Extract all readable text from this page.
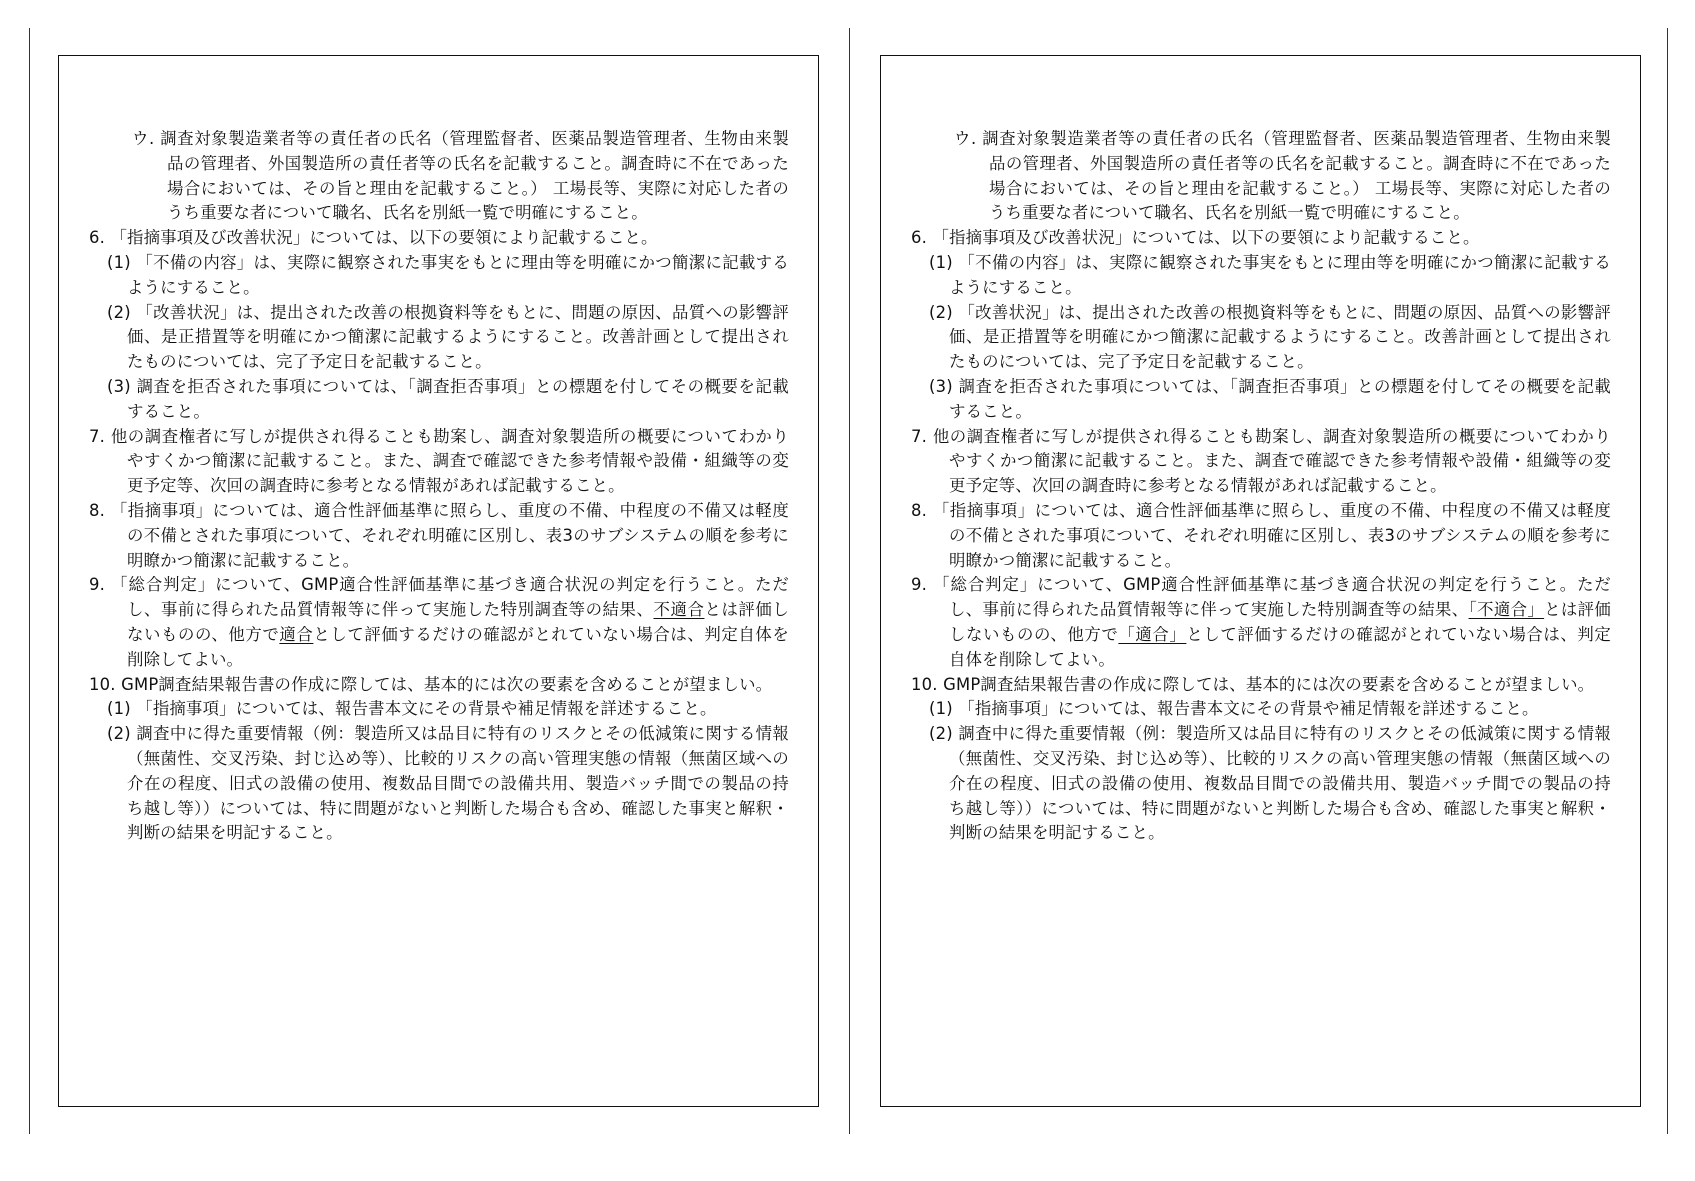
ウ. 調査対象製造業者等の責任者の氏名（管理監督者、医薬品製造管理者、生物由来製品の管理者、外国製造所の責任者等の氏名を記載すること。調査時に不在であった場合においては、その旨と理由を記載すること。） 工場長等、実際に対応した者のうち重要な者について職名、氏名を別紙一覧で明確にすること。
6. 「指摘事項及び改善状況」については、以下の要領により記載すること。
(1) 「不備の内容」は、実際に観察された事実をもとに理由等を明確にかつ簡潔に記載するようにすること。
(2) 「改善状況」は、提出された改善の根拠資料等をもとに、問題の原因、品質への影響評価、是正措置等を明確にかつ簡潔に記載するようにすること。改善計画として提出されたものについては、完了予定日を記載すること。
(3) 調査を拒否された事項については、「調査拒否事項」との標題を付してその概要を記載すること。
7. 他の調査権者に写しが提供され得ることも勘案し、調査対象製造所の概要についてわかりやすくかつ簡潔に記載すること。また、調査で確認できた参考情報や設備・組織等の変更予定等、次回の調査時に参考となる情報があれば記載すること。
8. 「指摘事項」については、適合性評価基準に照らし、重度の不備、中程度の不備又は軽度の不備とされた事項について、それぞれ明確に区別し、表3のサブシステムの順を参考に明瞭かつ簡潔に記載すること。
9. 「総合判定」について、GMP適合性評価基準に基づき適合状況の判定を行うこと。ただし、事前に得られた品質情報等に伴って実施した特別調査等の結果、不適合とは評価しないものの、他方で適合として評価するだけの確認がとれていない場合は、判定自体を削除してよい。
10. GMP調査結果報告書の作成に際しては、基本的には次の要素を含めることが望ましい。
(1) 「指摘事項」については、報告書本文にその背景や補足情報を詳述すること。
(2) 調査中に得た重要情報（例：製造所又は品目に特有のリスクとその低減策に関する情報（無菌性、交叉汚染、封じ込め等）、比較的リスクの高い管理実態の情報（無菌区域への介在の程度、旧式の設備の使用、複数品目間での設備共用、製造バッチ間での製品の持ち越し等））については、特に問題がないと判断した場合も含め、確認した事実と解釈・判断の結果を明記すること。
ウ. 調査対象製造業者等の責任者の氏名（管理監督者、医薬品製造管理者、生物由来製品の管理者、外国製造所の責任者等の氏名を記載すること。調査時に不在であった場合においては、その旨と理由を記載すること。） 工場長等、実際に対応した者のうち重要な者について職名、氏名を別紙一覧で明確にすること。
6. 「指摘事項及び改善状況」については、以下の要領により記載すること。
(1) 「不備の内容」は、実際に観察された事実をもとに理由等を明確にかつ簡潔に記載するようにすること。
(2) 「改善状況」は、提出された改善の根拠資料等をもとに、問題の原因、品質への影響評価、是正措置等を明確にかつ簡潔に記載するようにすること。改善計画として提出されたものについては、完了予定日を記載すること。
(3) 調査を拒否された事項については、「調査拒否事項」との標題を付してその概要を記載すること。
7. 他の調査権者に写しが提供され得ることも勘案し、調査対象製造所の概要についてわかりやすくかつ簡潔に記載すること。また、調査で確認できた参考情報や設備・組織等の変更予定等、次回の調査時に参考となる情報があれば記載すること。
8. 「指摘事項」については、適合性評価基準に照らし、重度の不備、中程度の不備又は軽度の不備とされた事項について、それぞれ明確に区別し、表3のサブシステムの順を参考に明瞭かつ簡潔に記載すること。
9. 「総合判定」について、GMP適合性評価基準に基づき適合状況の判定を行うこと。ただし、事前に得られた品質情報等に伴って実施した特別調査等の結果、「不適合」とは評価しないものの、他方で「適合」として評価するだけの確認がとれていない場合は、判定自体を削除してよい。
10. GMP調査結果報告書の作成に際しては、基本的には次の要素を含めることが望ましい。
(1) 「指摘事項」については、報告書本文にその背景や補足情報を詳述すること。
(2) 調査中に得た重要情報（例：製造所又は品目に特有のリスクとその低減策に関する情報（無菌性、交叉汚染、封じ込め等）、比較的リスクの高い管理実態の情報（無菌区域への介在の程度、旧式の設備の使用、複数品目間での設備共用、製造バッチ間での製品の持ち越し等））については、特に問題がないと判断した場合も含め、確認した事実と解釈・判断の結果を明記すること。
